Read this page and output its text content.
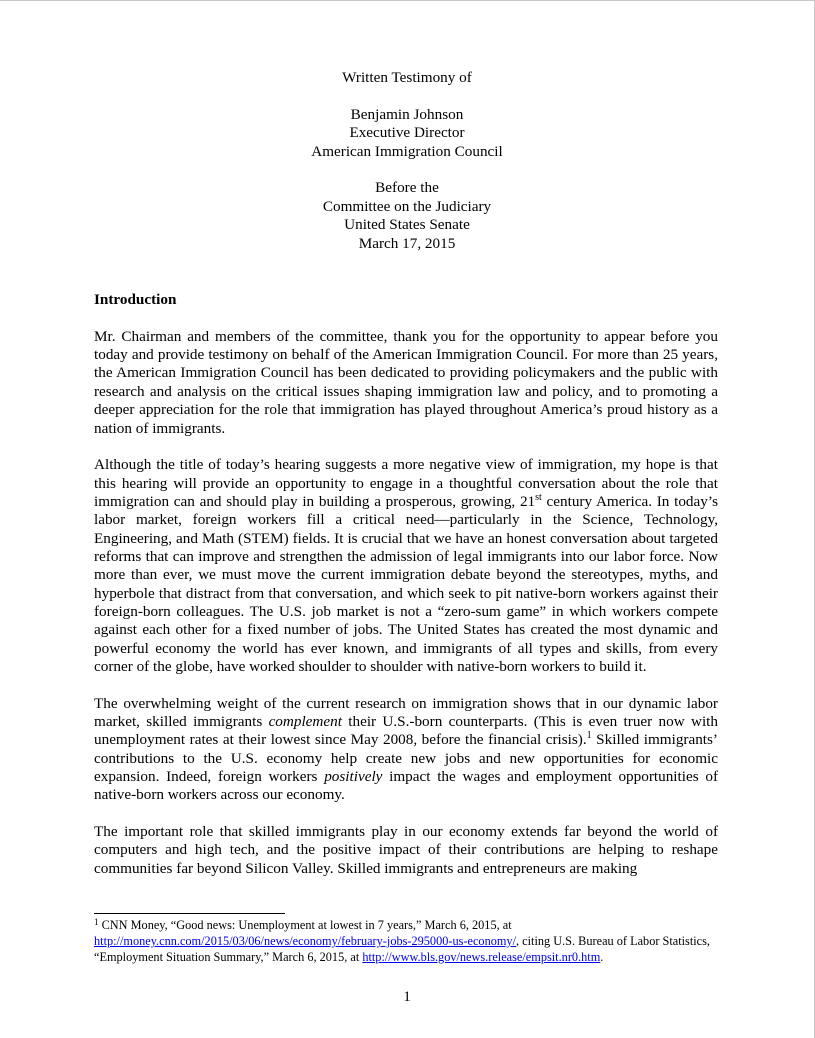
Written Testimony of
Benjamin Johnson
Executive Director
American Immigration Council
Before the
Committee on the Judiciary
United States Senate
March 17, 2015
Introduction

Mr. Chairman and members of the committee, thank you for the opportunity to appear before you today and provide testimony on behalf of the American Immigration Council. For more than 25 years, the American Immigration Council has been dedicated to providing policymakers and the public with research and analysis on the critical issues shaping immigration law and policy, and to promoting a deeper appreciation for the role that immigration has played throughout America’s proud history as a nation of immigrants.

Although the title of today’s hearing suggests a more negative view of immigration, my hope is that this hearing will provide an opportunity to engage in a thoughtful conversation about the role that immigration can and should play in building a prosperous, growing, 21st century America. In today’s labor market, foreign workers fill a critical need—particularly in the Science, Technology, Engineering, and Math (STEM) fields. It is crucial that we have an honest conversation about targeted reforms that can improve and strengthen the admission of legal immigrants into our labor force. Now more than ever, we must move the current immigration debate beyond the stereotypes, myths, and hyperbole that distract from that conversation, and which seek to pit native-born workers against their foreign-born colleagues. The U.S. job market is not a “zero-sum game” in which workers compete against each other for a fixed number of jobs. The United States has created the most dynamic and powerful economy the world has ever known, and immigrants of all types and skills, from every corner of the globe, have worked shoulder to shoulder with native-born workers to build it.

The overwhelming weight of the current research on immigration shows that in our dynamic labor market, skilled immigrants complement their U.S.-born counterparts. (This is even truer now with unemployment rates at their lowest since May 2008, before the financial crisis).$^1$ Skilled immigrants’ contributions to the U.S. economy help create new jobs and new opportunities for economic expansion. Indeed, foreign workers positively impact the wages and employment opportunities of native-born workers across our economy.

The important role that skilled immigrants play in our economy extends far beyond the world of computers and high tech, and the positive impact of their contributions are helping to reshape communities far beyond Silicon Valley. Skilled immigrants and entrepreneurs are making

$^1$ CNN Money, “Good news: Unemployment at lowest in 7 years,” March 6, 2015, at http://money.cnn.com/2015/03/06/news/economy/february-jobs-295000-us-economy/, citing U.S. Bureau of Labor Statistics, “Employment Situation Summary,” March 6, 2015, at http://www.bls.gov/news.release/empsit.nr0.htm.
1
